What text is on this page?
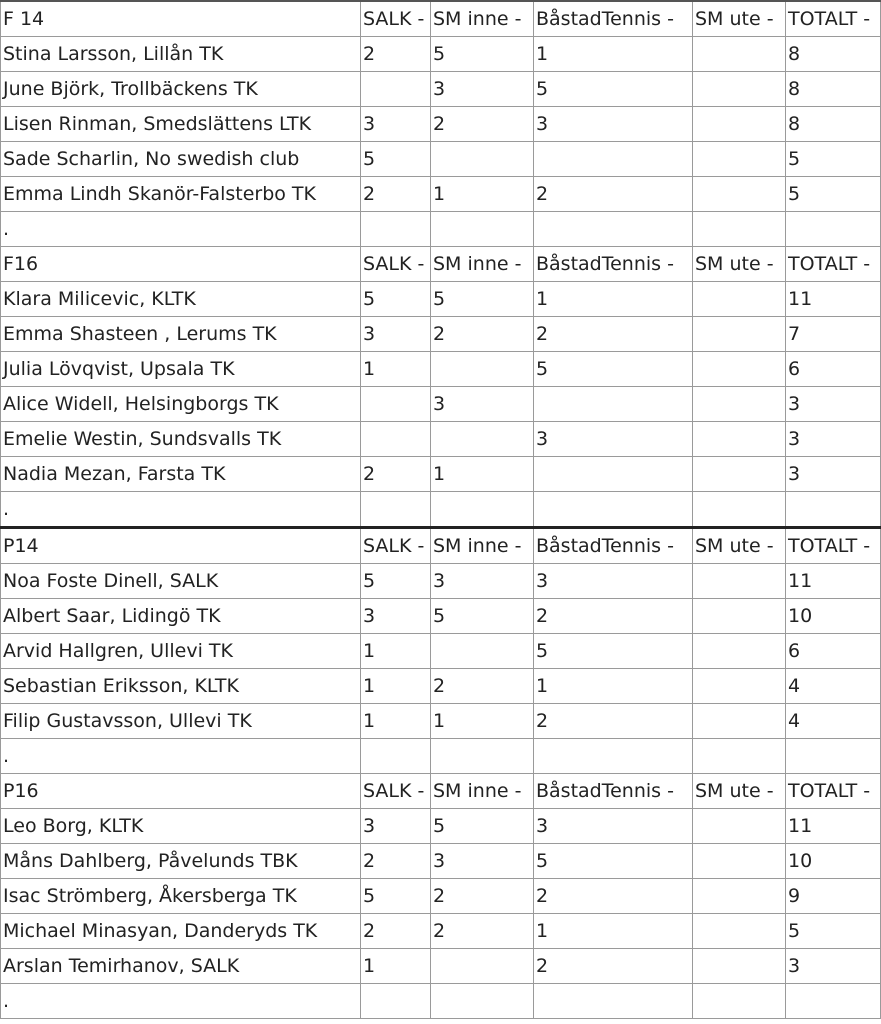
F 14	SALK -	SM inne -	BåstadTennis -	SM ute -	TOTALT -
Stina Larsson, Lillån TK	2	5	1		8
June Björk, Trollbäckens TK		3	5		8
Lisen Rinman, Smedslättens LTK	3	2	3		8
Sade Scharlin, No swedish club	5				5
Emma Lindh Skanör-Falsterbo TK	2	1	2		5
.					
F16	SALK -	SM inne -	BåstadTennis -	SM ute -	TOTALT -
Klara Milicevic, KLTK	5	5	1		11
Emma Shasteen , Lerums TK	3	2	2		7
Julia Lövqvist, Upsala TK	1		5		6
Alice Widell, Helsingborgs TK		3			3
Emelie Westin, Sundsvalls TK			3		3
Nadia Mezan, Farsta TK	2	1			3
.					
P14	SALK -	SM inne -	BåstadTennis -	SM ute -	TOTALT -
Noa Foste Dinell, SALK	5	3	3		11
Albert Saar, Lidingö TK	3	5	2		10
Arvid Hallgren, Ullevi TK	1		5		6
Sebastian Eriksson, KLTK	1	2	1		4
Filip Gustavsson, Ullevi TK	1	1	2		4
.					
P16	SALK -	SM inne -	BåstadTennis -	SM ute -	TOTALT -
Leo Borg, KLTK	3	5	3		11
Måns Dahlberg, Påvelunds TBK	2	3	5		10
Isac Strömberg, Åkersberga TK	5	2	2		9
Michael Minasyan, Danderyds TK	2	2	1		5
Arslan Temirhanov, SALK	1		2		3
.					
